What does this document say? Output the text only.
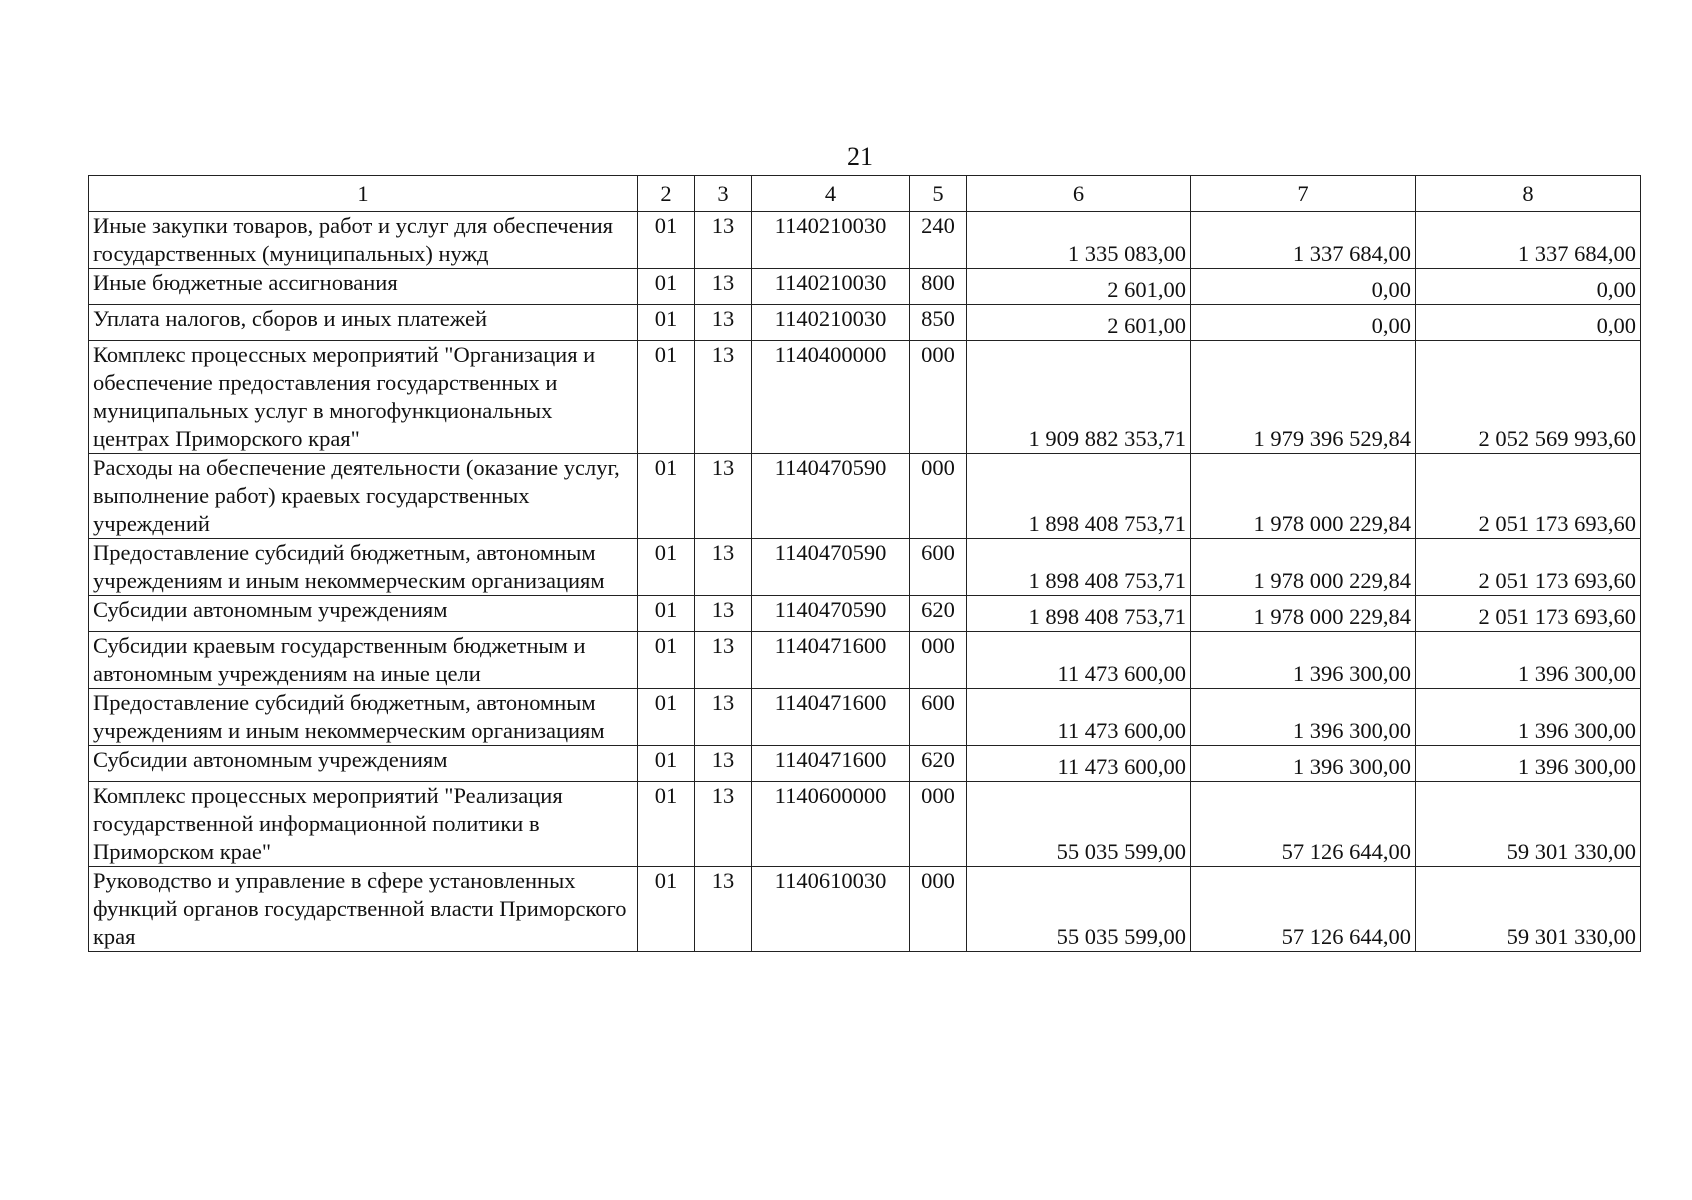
21
1	2	3	4	5	6	7	8
Иные закупки товаров, работ и услуг для обеспечения государственных (муниципальных) нужд	01	13	1140210030	240	1 335 083,00	1 337 684,00	1 337 684,00
Иные бюджетные ассигнования	01	13	1140210030	800	2 601,00	0,00	0,00
Уплата налогов, сборов и иных платежей	01	13	1140210030	850	2 601,00	0,00	0,00
Комплекс процессных мероприятий "Организация и обеспечение предоставления государственных и муниципальных услуг в многофункциональных центрах Приморского края"	01	13	1140400000	000	1 909 882 353,71	1 979 396 529,84	2 052 569 993,60
Расходы на обеспечение деятельности (оказание услуг, выполнение работ) краевых государственных учреждений	01	13	1140470590	000	1 898 408 753,71	1 978 000 229,84	2 051 173 693,60
Предоставление субсидий бюджетным, автономным учреждениям и иным некоммерческим организациям	01	13	1140470590	600	1 898 408 753,71	1 978 000 229,84	2 051 173 693,60
Субсидии автономным учреждениям	01	13	1140470590	620	1 898 408 753,71	1 978 000 229,84	2 051 173 693,60
Субсидии краевым государственным бюджетным и автономным учреждениям на иные цели	01	13	1140471600	000	11 473 600,00	1 396 300,00	1 396 300,00
Предоставление субсидий бюджетным, автономным учреждениям и иным некоммерческим организациям	01	13	1140471600	600	11 473 600,00	1 396 300,00	1 396 300,00
Субсидии автономным учреждениям	01	13	1140471600	620	11 473 600,00	1 396 300,00	1 396 300,00
Комплекс процессных мероприятий "Реализация государственной информационной политики в Приморском крае"	01	13	1140600000	000	55 035 599,00	57 126 644,00	59 301 330,00
Руководство и управление в сфере установленных функций органов государственной власти Приморского края	01	13	1140610030	000	55 035 599,00	57 126 644,00	59 301 330,00
